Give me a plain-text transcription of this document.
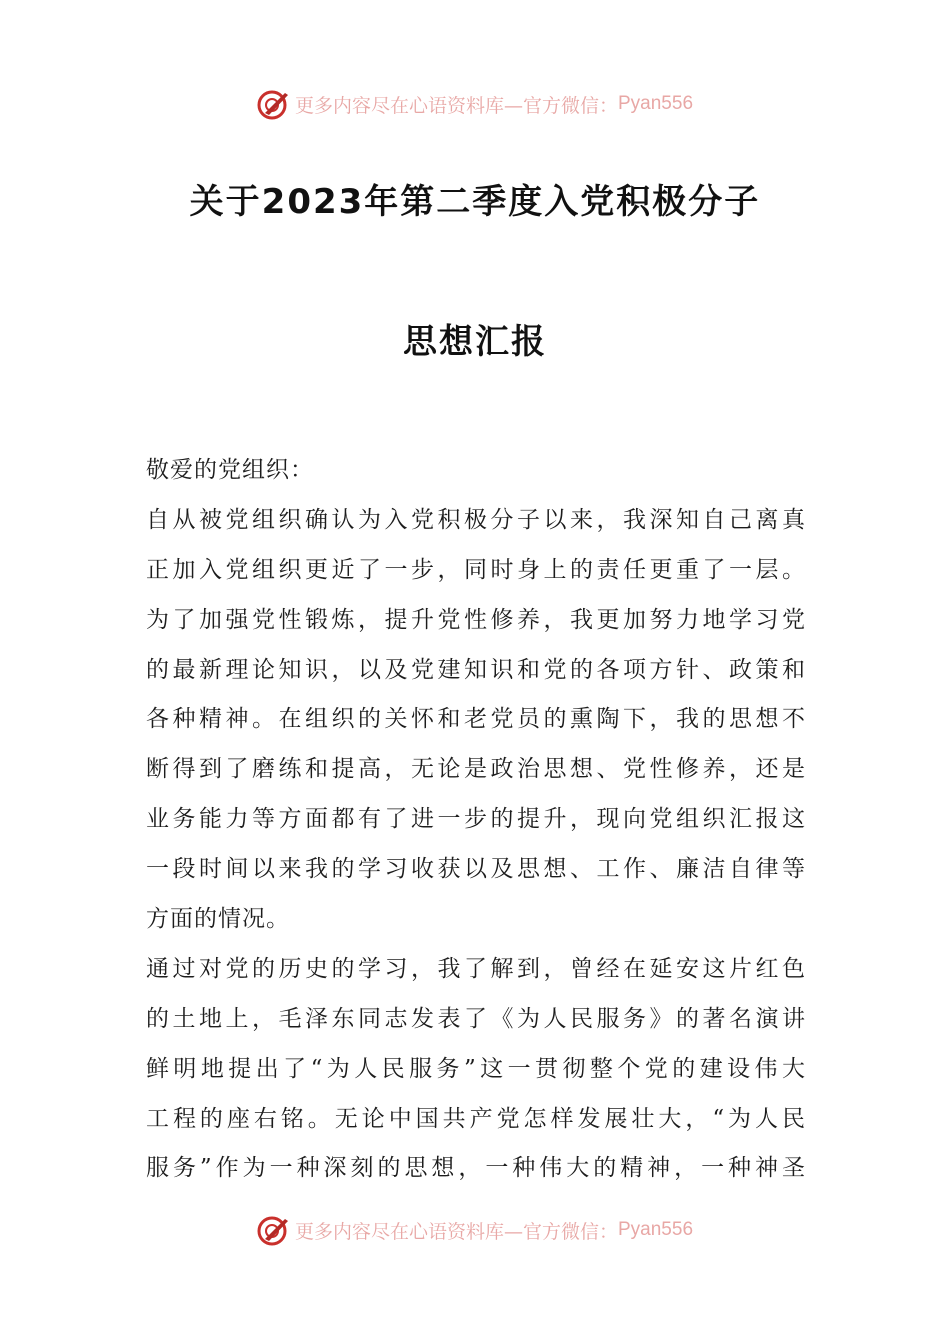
更多内容尽在心语资料库—官方微信： Pyan556
关于2023年第二季度入党积极分子
思想汇报
敬爱的党组织：
自从被党组织确认为入党积极分子以来，我深知自己离真
正加入党组织更近了一步，同时身上的责任更重了一层。
为了加强党性锻炼，提升党性修养，我更加努力地学习党
的最新理论知识，以及党建知识和党的各项方针、政策和
各种精神。在组织的关怀和老党员的熏陶下，我的思想不
断得到了磨练和提高，无论是政治思想、党性修养，还是
业务能力等方面都有了进一步的提升，现向党组织汇报这
一段时间以来我的学习收获以及思想、工作、廉洁自律等
方面的情况。
通过对党的历史的学习，我了解到，曾经在延安这片红色
的土地上，毛泽东同志发表了《为人民服务》的著名演讲
鲜明地提出了“为人民服务”这一贯彻整个党的建设伟大
工程的座右铭。无论中国共产党怎样发展壮大，“为人民
服务”作为一种深刻的思想，一种伟大的精神，一种神圣
更多内容尽在心语资料库—官方微信： Pyan556
